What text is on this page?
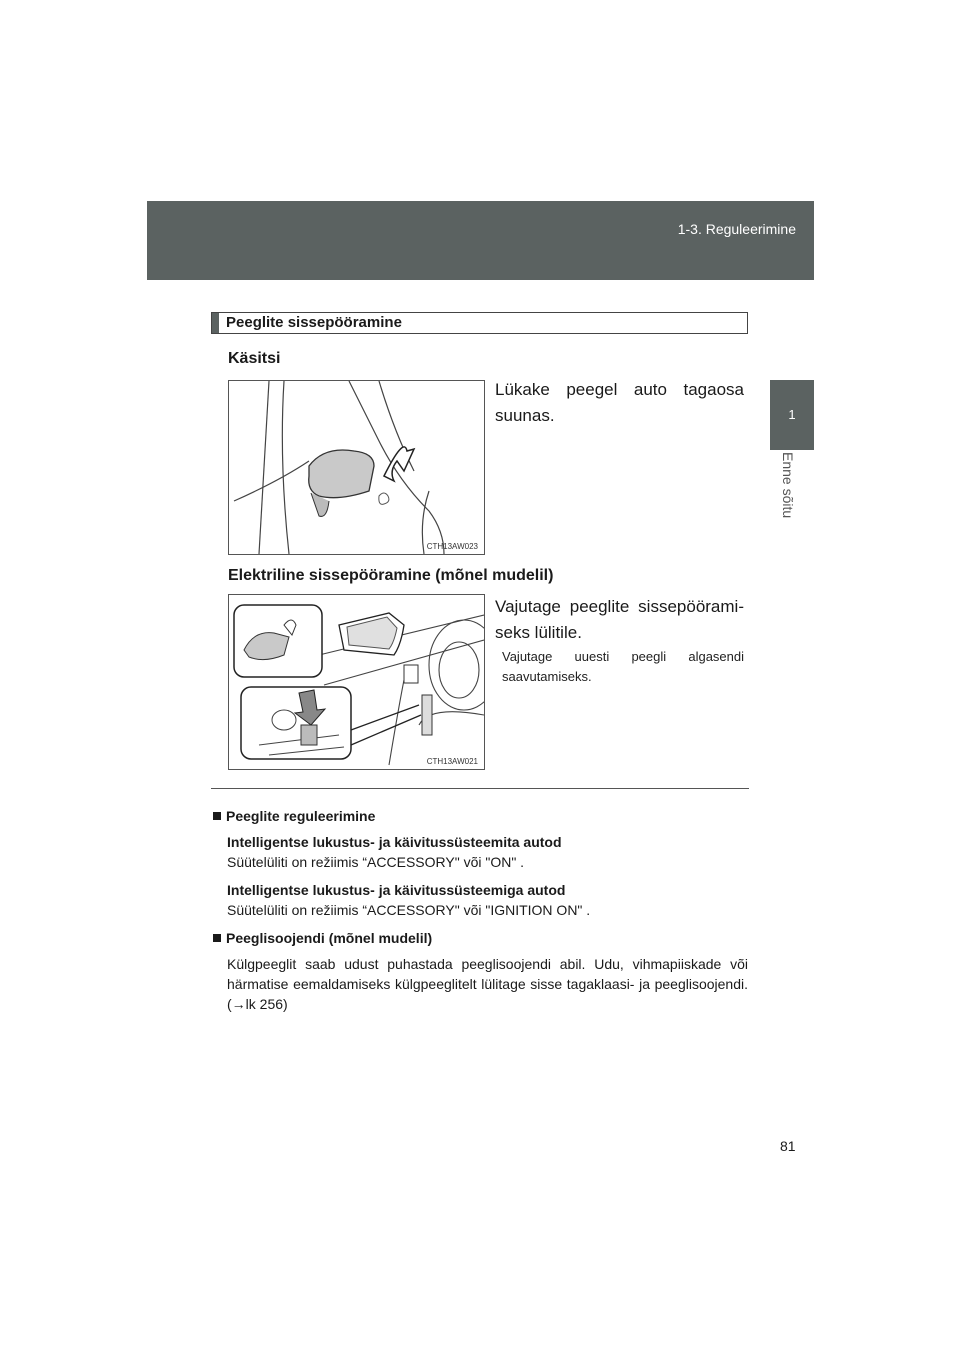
1-3. Reguleerimine
1
Enne sõitu
Peeglite sissepööramine
Käsitsi
CTH13AW023
Lükake peegel auto tagaosa suunas.
Elektriline sissepööramine (mõnel mudelil)
CTH13AW021
Vajutage peeglite sissepööramiseks lülitile.
Vajutage uuesti peegli algasendi saavutamiseks.
Peeglite reguleerimine
Intelligentse lukustus- ja käivitussüsteemita autod
Süütelüliti on režiimis “ACCESSORY" või "ON" .
Intelligentse lukustus- ja käivitussüsteemiga autod
Süütelüliti on režiimis “ACCESSORY" või "IGNITION ON" .
Peeglisoojendi (mõnel mudelil)
Külgpeeglit saab udust puhastada peeglisoojendi abil. Udu, vihmapiiskade või härmatise eemaldamiseks külgpeeglitelt lülitage sisse tagaklaasi- ja peeglisoojendi. (→lk 256)
81
